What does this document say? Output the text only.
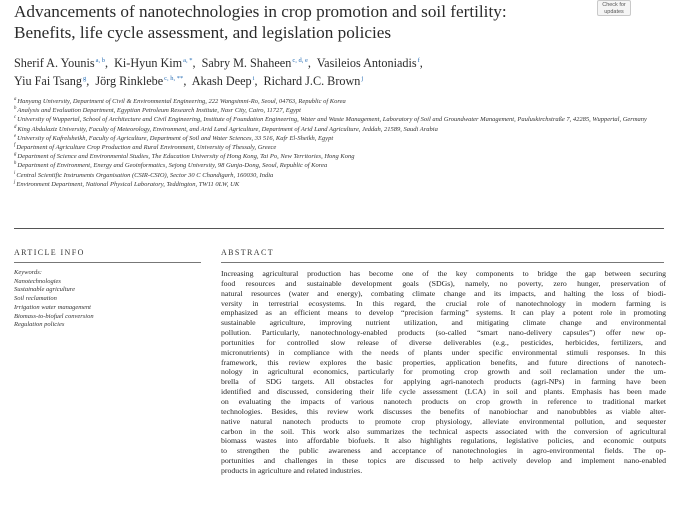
Advancements of nanotechnologies in crop promotion and soil fertility:
Benefits, life cycle assessment, and legislation policies
Check for updates
Sherif A. Younis$^{a, b}$, Ki-Hyun Kim$^{a, *}$, Sabry M. Shaheen$^{c, d, e}$, Vasileios Antoniadis$^f$,
Yiu Fai Tsang$^g$, Jörg Rinklebe$^{c, h, **}$, Akash Deep$^i$, Richard J.C. Brown$^j$
$^a$Hanyang University, Department of Civil & Environmental Engineering, 222 Wangsimni-Ro, Seoul, 04763, Republic of Korea
$^b$Analysis and Evaluation Department, Egyptian Petroleum Research Institute, Nasr City, Cairo, 11727, Egypt
$^c$University of Wuppertal, School of Architecture and Civil Engineering, Institute of Foundation Engineering, Water and Waste Management, Laboratory of Soil and Groundwater Management, Pauluskirchstraße 7, 42285, Wuppertal, Germany
$^d$King Abdulaziz University, Faculty of Meteorology, Environment, and Arid Land Agriculture, Department of Arid Land Agriculture, Jeddah, 21589, Saudi Arabia
$^e$University of Kafrelsheikh, Faculty of Agriculture, Department of Soil and Water Sciences, 33 516, Kafr El-Sheikh, Egypt
$^f$Department of Agriculture Crop Production and Rural Environment, University of Thessaly, Greece
$^g$Department of Science and Environmental Studies, The Education University of Hong Kong, Tai Po, New Territories, Hong Kong
$^h$Department of Environment, Energy and Geoinformatics, Sejong University, 98 Gunja-Dong, Seoul, Republic of Korea
$^i$Central Scientific Instruments Organisation (CSIR-CSIO), Sector 30 C Chandigarh, 160030, India
$^j$Environment Department, National Physical Laboratory, Teddington, TW11 0LW, UK
ARTICLE INFO	ABSTRACT
Keywords:
Nanotechnologies
Sustainable agriculture
Soil reclamation
Irrigation water management
Biomass-to-biofuel conversion
Regulation policies
Increasing agricultural production has become one of the key components to bridge the gap between securing
food resources and sustainable development goals (SDGs), namely, no poverty, zero hunger, preservation of
natural resources (water and energy), combating climate change and its impacts, and halting the loss of biodi-
versity in terrestrial ecosystems. In this regard, the crucial role of nanotechnology in modern farming is
emphasized as an efficient means to develop “precision farming” systems. It can play a potent role in promoting
sustainable agriculture, improving nutrient utilization, and mitigating climate change and environmental
pollution. Particularly, nanotechnology-enabled products (so-called “smart nano-delivery capsules”) offer new op-
portunities for controlled slow release of diverse deliverables (e.g., pesticides, herbicides, fertilizers, and
micronutrients) in compliance with the needs of plants under specific environmental stimuli responses. In this
framework, this review explores the basic properties, application benefits, and future directions of nanotech-
nology in agricultural economics, particularly for promoting crop growth and soil reclamation under the um-
brella of SDG targets. All obstacles for applying agri-nanotech products (agri-NPs) in farming have been
identified and discussed, considering their life cycle assessment (LCA) in soil and plants. Emphasis has been made
on evaluating the impacts of various nanotech products on crop growth in reference to traditional market
technologies. Besides, this review work discusses the benefits of nanobiochar and nanobubbles as viable alter-
native natural nanotech products to promote crop physiology, alleviate environmental pollution, and sequester
carbon in the soil. This work also summarizes the technical aspects associated with the conversion of agricultural
biomass wastes into affordable biofuels. It also highlights regulations, legislative policies, and economic outputs
to strengthen the public awareness and acceptance of nanotechnologies in agro-environmental fields. The op-
portunities and challenges in these topics are discussed to help actively develop and implement nano-enabled
products in agriculture and related industries.
